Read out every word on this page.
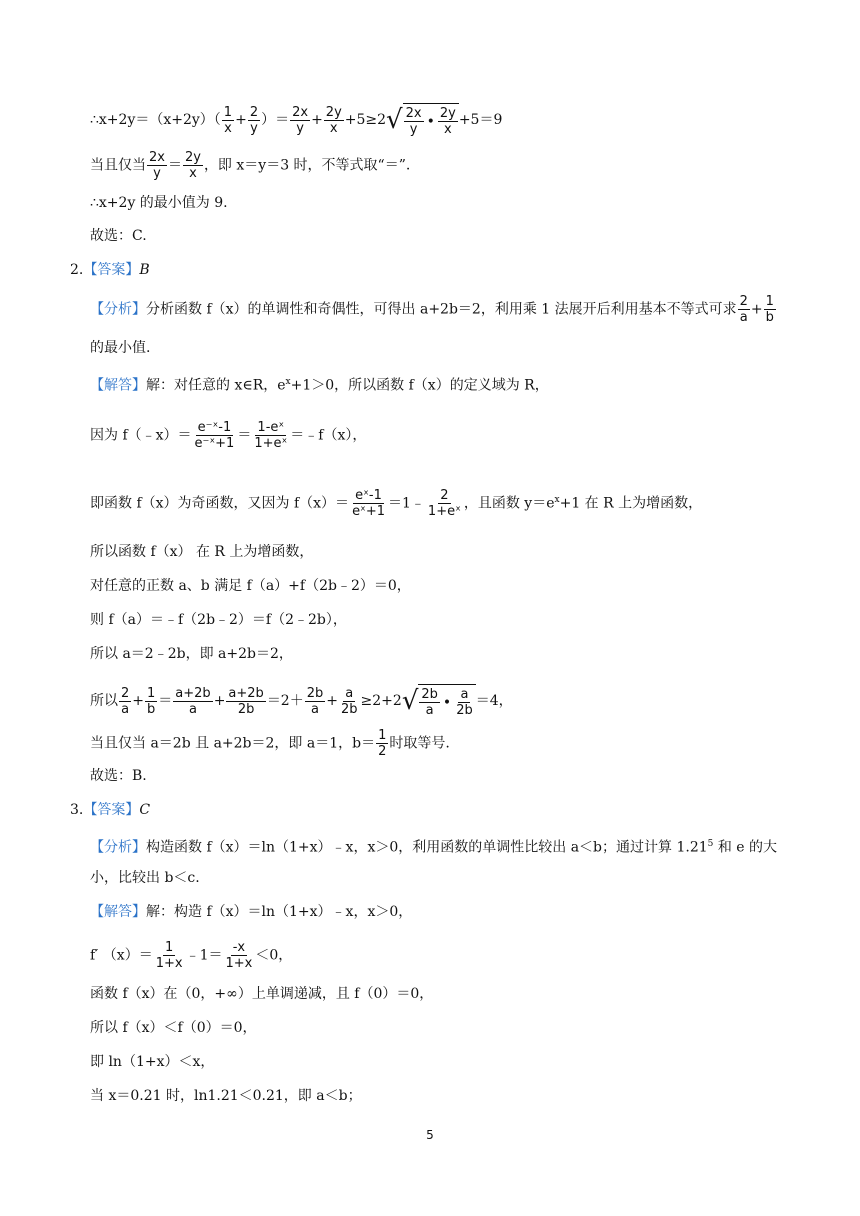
∴x+2y＝（x+2y）（ $\frac{1}{x} + \frac{2}{y}$ ）＝ $\frac{2x}{y} + \frac{2y}{x} +5\ge 2$ √ 2x
y • 2y
x
+5＝9
当且仅当 $\frac{2x}{y} = \frac{2y}{x}$ ，即 x＝y＝3 时，不等式取“＝”.
∴x+2y 的最小值为 9.
故选：C.
2.【答案】B
【分析】分析函数 f（x）的单调性和奇偶性，可得出 a+2b＝2，利用乘 1 法展开后利用基本不等式可求 $\frac{2}{a} + \frac{1}{b}$
的最小值.
【解答】解：对任意的 x∈R，$e^x+1>0$，所以函数 f（x）的定义域为 R，
因为 f（﹣x）＝ $\frac{\text{e⁻ˣ-1}}{\text{e⁻ˣ+1}} = \frac{\text{1-eˣ}}{\text{1+eˣ}}$ ＝﹣f（x），
即函数 f（x）为奇函数，又因为 $f(x)= \frac{\text{eˣ-1}}{\text{eˣ+1}}$ ＝1﹣ $\frac{2}{\text{1+eˣ}}$ ，且函数 $y=e^x+1$ 在 R 上为增函数，
所以函数 f（x） 在 R 上为增函数，
对任意的正数 a、b 满足 f（a）+f（2b﹣2）＝0，
则 f（a）＝﹣f（2b﹣2）＝f（2﹣2b），
所以 a＝2﹣2b，即 a+2b＝2，
所以 $\frac{2}{a} + \frac{1}{b} = \frac{a+2b}{a} + \frac{a+2b}{2b} =2+ \frac{2b}{a} + \frac{a}{2b} \ge 2+2$ √ 2b
a • a
2b
＝4，
当且仅当 a＝2b 且 a+2b＝2，即 a＝1，$b= \frac{1}{2}$ 时取等号.
故选：B.
3.【答案】C
【分析】构造函数 f（x）＝ln（1+x）﹣x，x＞0，利用函数的单调性比较出 a＜b；通过计算 1.21$^5$ 和 e 的大
小，比较出 b＜c.
【解答】解：构造 f（x）＝ln（1+x）﹣x，x＞0，
f′ $(x)= \frac{1}{1+x}$ ﹣1＝ $\frac{-x}{1+x} <0$，
函数 f（x）在（0，+∞）上单调递减，且 f（0）＝0，
所以 f（x）＜f（0）＝0，
即 ln（1+x）＜x，
当 x＝0.21 时，ln1.21＜0.21，即 a＜b；
5
